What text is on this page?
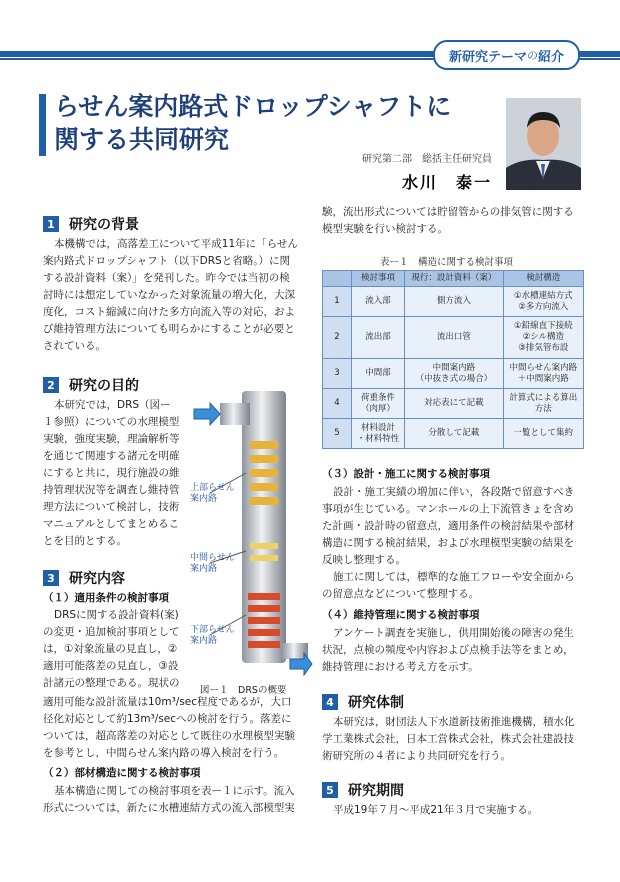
新研究テーマ の 紹介
らせん案内路式ドロップシャフトに
関する共同研究
研究第二部　総括主任研究員
水川　泰一
1 研究の背景
本機構では，高落差工について平成11年に「らせん
案内路式ドロップシャフト（以下DRSと省略。）に関
する設計資料（案）」を発刊した。昨今では当初の検
討時には想定していなかった対象流量の増大化，大深
度化，コスト縮減に向けた多方向流入等の対応，およ
び維持管理方法についても明らかにすることが必要と
されている。
2 研究の目的
本研究では，DRS（図ー
１参照）についての水理模型
実験，強度実験，理論解析等
を通じて関連する諸元を明確
にすると共に，現行施設の維
持管理状況等を調査し維持管
理方法について検討し，技術
マニュアルとしてまとめるこ
とを目的とする。
3 研究内容
（１）適用条件の検討事項
DRSに関する設計資料(案)
の変更・追加検討事項として
は，①対象流量の見直し，②
適用可能落差の見直し，③設
計諸元の整理である。現状の
適用可能な設計流量は10m³/sec程度であるが，大口
径化対応として約13m³/secへの検討を行う。落差に
ついては，超高落差の対応として既往の水理模型実験
を参考とし，中間らせん案内路の導入検討を行う。
（２）部材構造に関する検討事項
基本構造に関しての検討事項を表ー１に示す。流入
形式については，新たに水槽連結方式の流入部模型実
上部らせん
案内路
中間らせん
案内路
下部らせん
案内路
図ー１　DRSの概要
験，流出形式については貯留管からの排気管に関する
模型実験を行い検討する。
表ー１　構造に関する検討事項
	検討事項	現行：設計資料（案）	検討構造
1	流入部	側方流入	①水槽連結方式
②多方向流入
2	流出部	流出口管	①鉛線直下接続
②シル構造
③排気管布設
3	中間部	中間案内路
（中抜き式の場合）	中間らせん案内路
＋中間案内路
4	荷重条件
（肉厚）	対応表にて記載	計算式による算出
方法
5	材料設計
・材料特性	分散して記載	一覧として集約
（３）設計・施工に関する検討事項
設計・施工実績の増加に伴い，各段階で留意すべき
事項が生じている。マンホールの上下流管きょを含め
た計画・設計時の留意点，適用条件の検討結果や部材
構造に関する検討結果，および水理模型実験の結果を
反映し整理する。
施工に関しては，標準的な施工フローや安全面から
の留意点などについて整理する。
（４）維持管理に関する検討事項
アンケート調査を実施し，供用開始後の障害の発生
状況，点検の頻度や内容および点検手法等をまとめ，
維持管理における考え方を示す。
4 研究体制
本研究は，財団法人下水道新技術推進機構，積水化
学工業株式会社，日本工営株式会社，株式会社建設技
術研究所の４者により共同研究を行う。
5 研究期間
平成19年７月～平成21年３月で実施する。
